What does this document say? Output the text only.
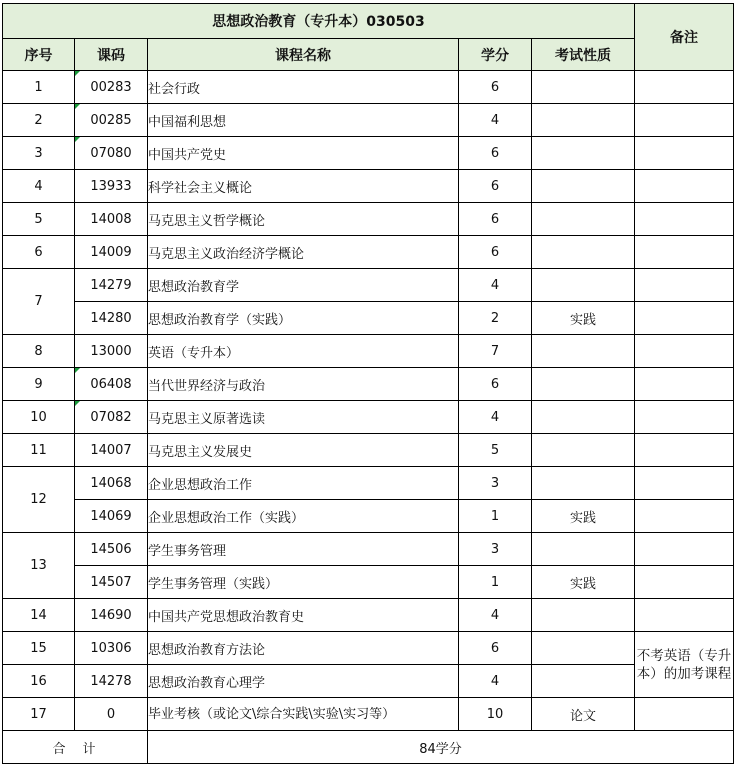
思想政治教育（专升本）030503					备注
序号	课码	课程名称	学分	考试性质	
1	00283	社会行政	6		
2	00285	中国福利思想	4		
3	07080	中国共产党史	6		
4	13933	科学社会主义概论	6		
5	14008	马克思主义哲学概论	6		
6	14009	马克思主义政治经济学概论	6		
7	14279	思想政治教育学	4		
	14280	思想政治教育学（实践）	2	实践	
8	13000	英语（专升本）	7		
9	06408	当代世界经济与政治	6		
10	07082	马克思主义原著选读	4		
11	14007	马克思主义发展史	5		
12	14068	企业思想政治工作	3		
	14069	企业思想政治工作（实践）	1	实践	
13	14506	学生事务管理	3		
	14507	学生事务管理（实践）	1	实践	
14	14690	中国共产党思想政治教育史	4		
15	10306	思想政治教育方法论	6		不考英语（专升本）的加考课程
16	14278	思想政治教育心理学	4		
17	0	毕业考核（或论文\综合实践\实验\实习等）	10	论文	
合　计		84学分			
